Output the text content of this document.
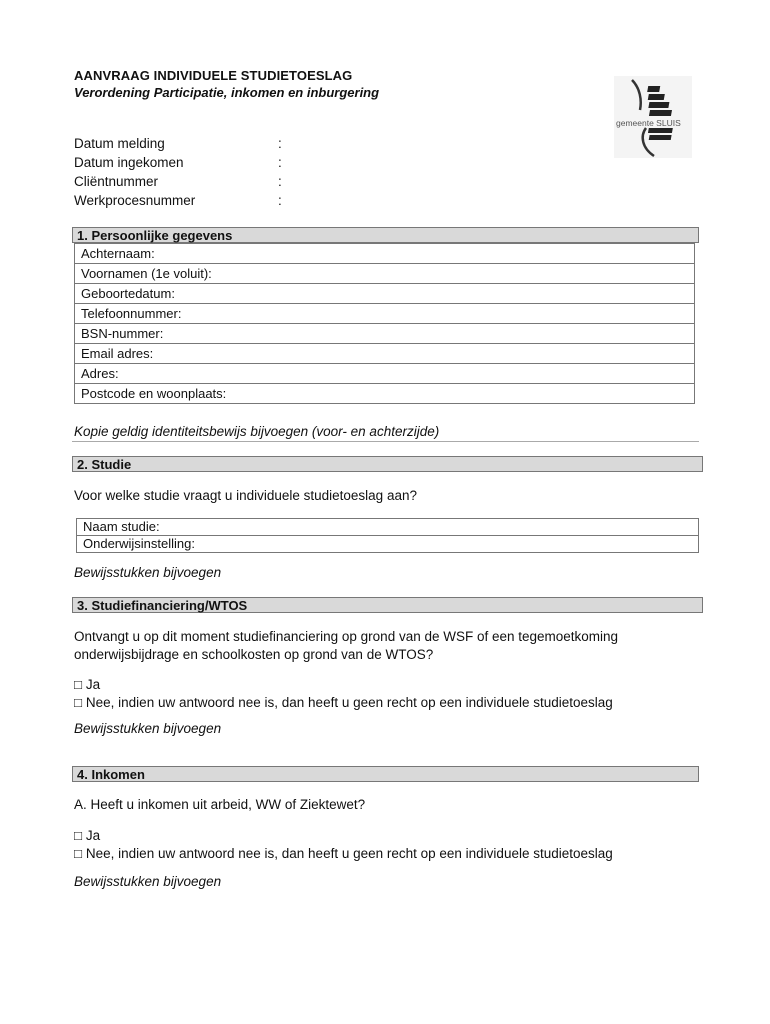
AANVRAAG INDIVIDUELE STUDIETOESLAG
Verordening Participatie, inkomen en inburgering
gemeente SLUIS
Datum melding	:
Datum ingekomen	:
Cliëntnummer	:
Werkprocesnummer	:
1. Persoonlijke gegevens
Achternaam:
Voornamen (1e voluit):
Geboortedatum:
Telefoonnummer:
BSN-nummer:
Email adres:
Adres:
Postcode en woonplaats:
Kopie geldig identiteitsbewijs bijvoegen (voor- en achterzijde)
2. Studie
Voor welke studie vraagt u individuele studietoeslag aan?
Naam studie:
Onderwijsinstelling:
Bewijsstukken bijvoegen
3. Studiefinanciering/WTOS
Ontvangt u op dit moment studiefinanciering op grond van de WSF of een tegemoetkoming
onderwijsbijdrage en schoolkosten op grond van de WTOS?
□ Ja
□ Nee, indien uw antwoord nee is, dan heeft u geen recht op een individuele studietoeslag
Bewijsstukken bijvoegen
4. Inkomen
A. Heeft u inkomen uit arbeid, WW of Ziektewet?
□ Ja
□ Nee, indien uw antwoord nee is, dan heeft u geen recht op een individuele studietoeslag
Bewijsstukken bijvoegen
